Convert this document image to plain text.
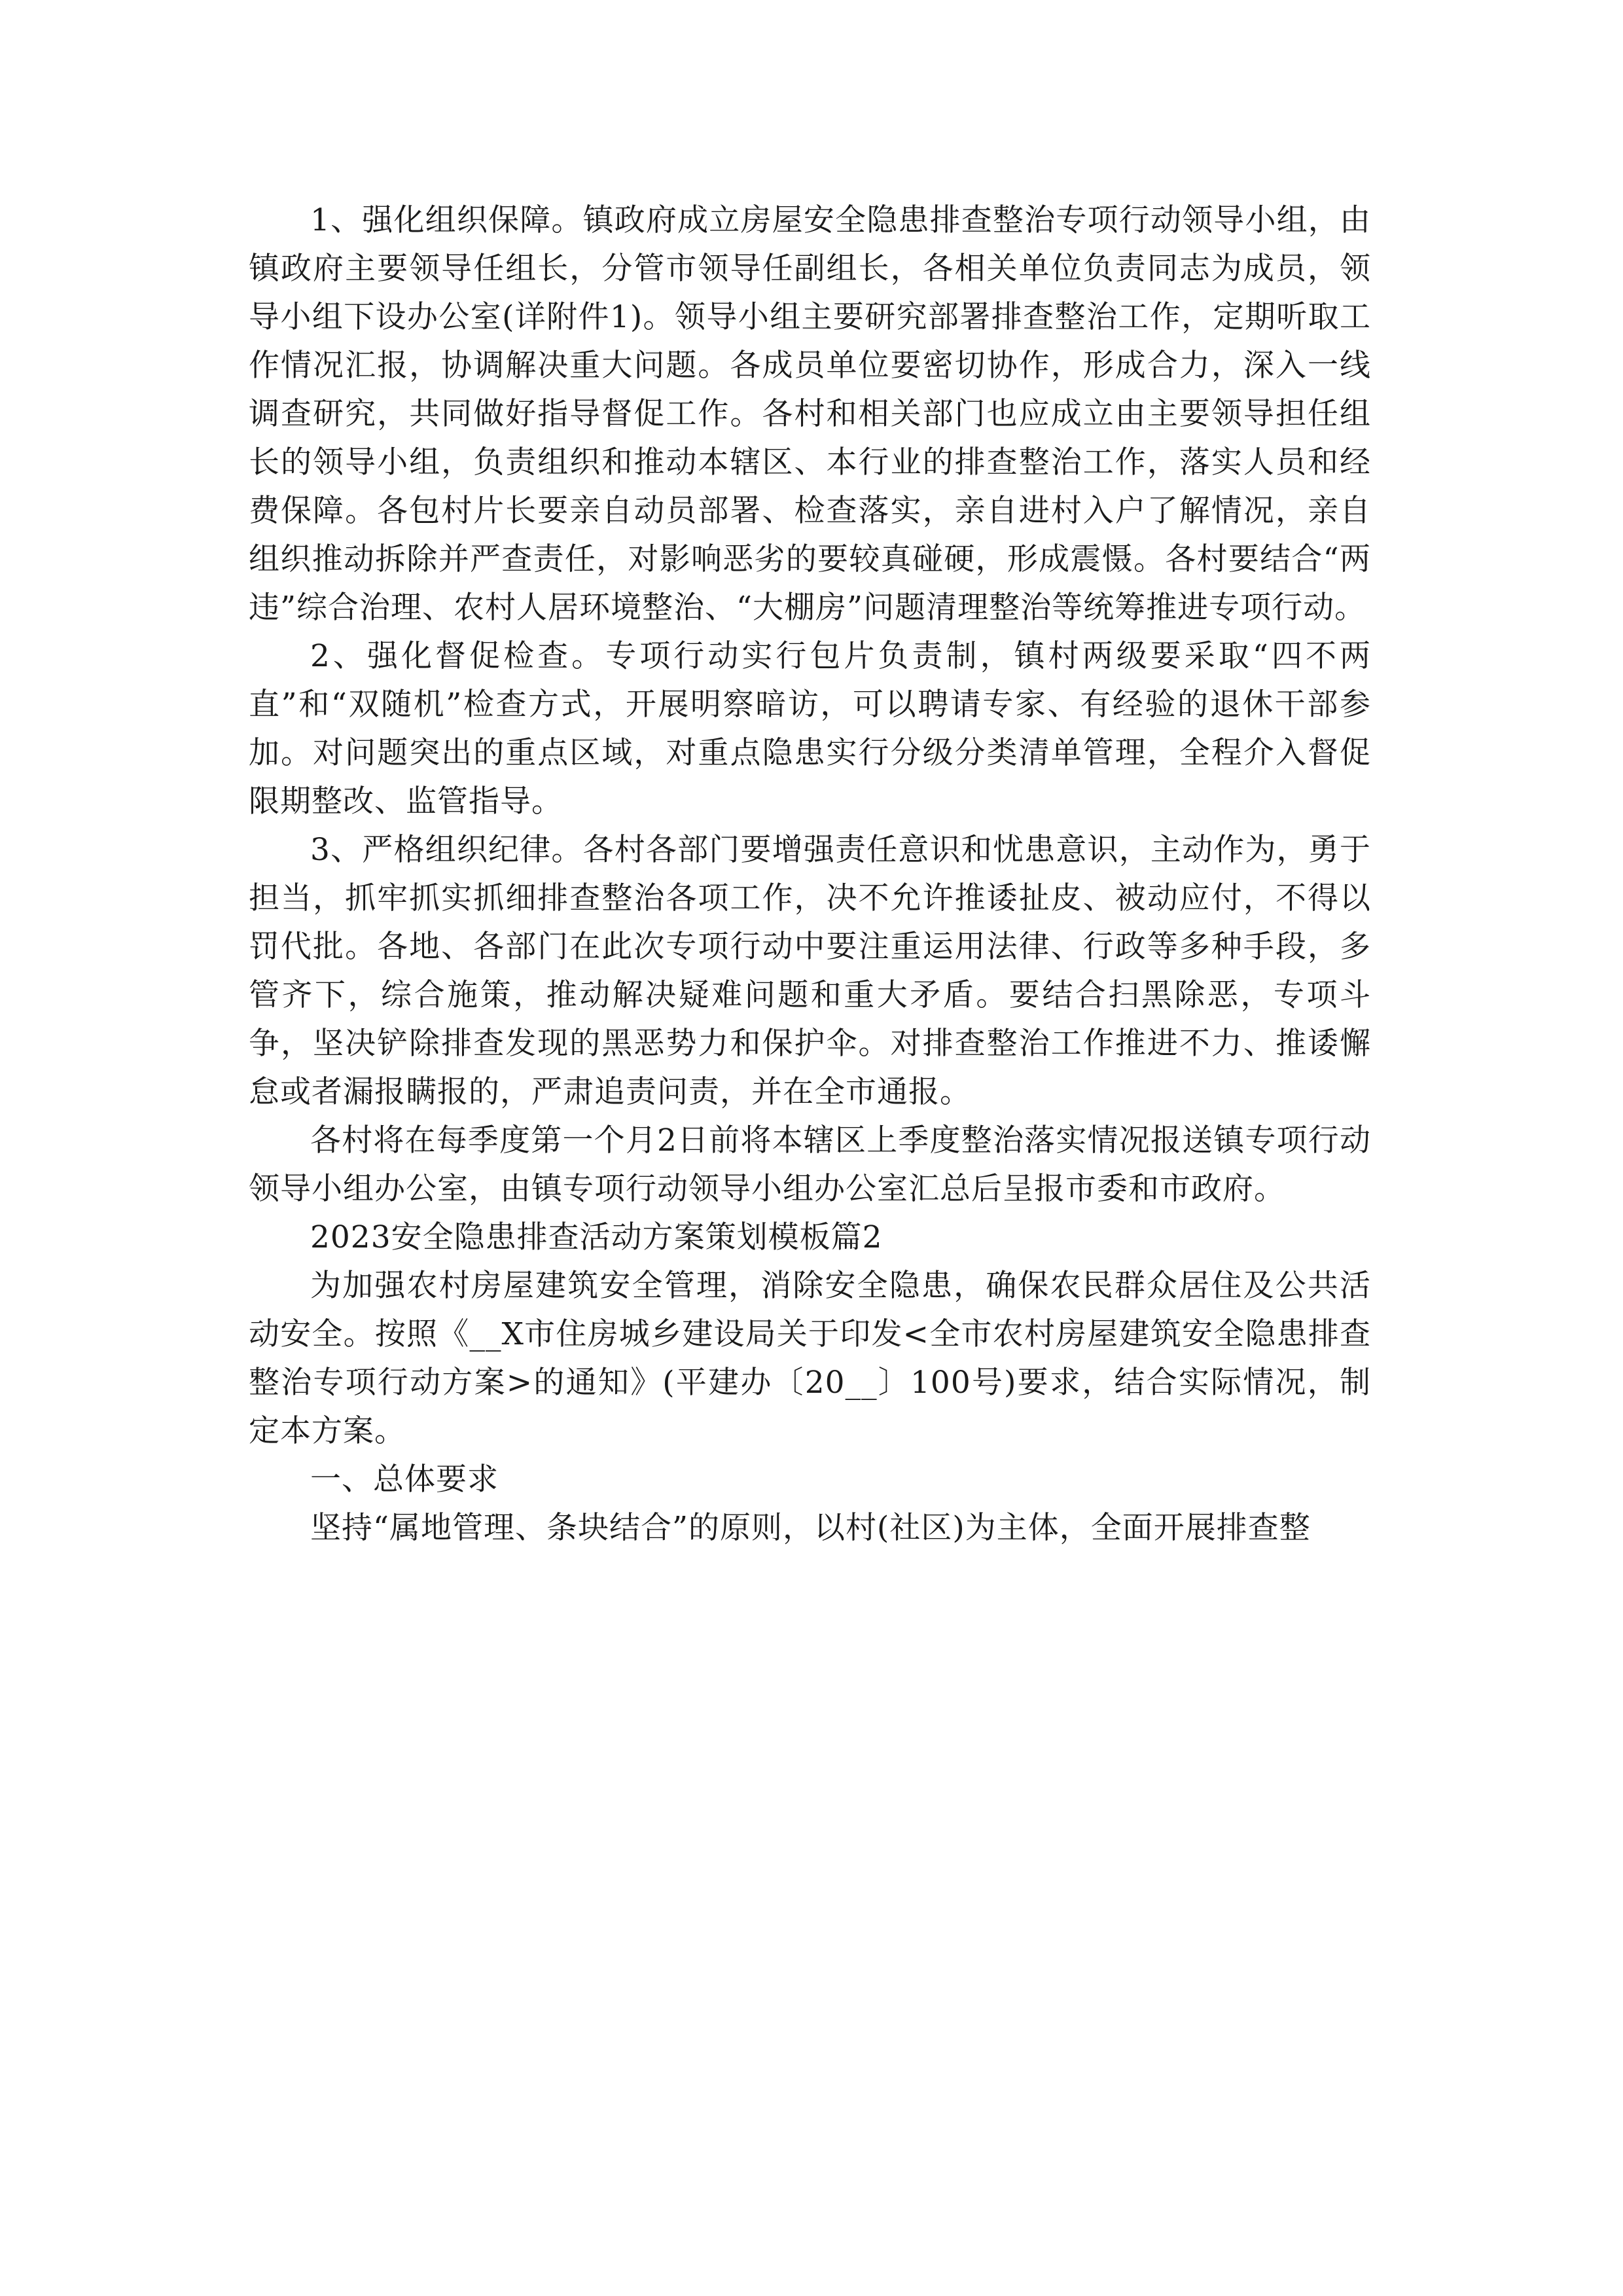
1、强化组织保障。镇政府成立房屋安全隐患排查整治专项行动领导小组，由镇政府主要领导任组长，分管市领导任副组长，各相关单位负责同志为成员，领导小组下设办公室(详附件1)。领导小组主要研究部署排查整治工作，定期听取工作情况汇报，协调解决重大问题。各成员单位要密切协作，形成合力，深入一线调查研究，共同做好指导督促工作。各村和相关部门也应成立由主要领导担任组长的领导小组，负责组织和推动本辖区、本行业的排查整治工作，落实人员和经费保障。各包村片长要亲自动员部署、检查落实，亲自进村入户了解情况，亲自组织推动拆除并严查责任，对影响恶劣的要较真碰硬，形成震慑。各村要结合“两违”综合治理、农村人居环境整治、“大棚房”问题清理整治等统筹推进专项行动。

2、强化督促检查。专项行动实行包片负责制，镇村两级要采取“四不两直”和“双随机”检查方式，开展明察暗访，可以聘请专家、有经验的退休干部参加。对问题突出的重点区域，对重点隐患实行分级分类清单管理，全程介入督促限期整改、监管指导。

3、严格组织纪律。各村各部门要增强责任意识和忧患意识，主动作为，勇于担当，抓牢抓实抓细排查整治各项工作，决不允许推诿扯皮、被动应付，不得以罚代批。各地、各部门在此次专项行动中要注重运用法律、行政等多种手段，多管齐下，综合施策，推动解决疑难问题和重大矛盾。要结合扫黑除恶，专项斗争，坚决铲除排查发现的黑恶势力和保护伞。对排查整治工作推进不力、推诿懈怠或者漏报瞒报的，严肃追责问责，并在全市通报。

各村将在每季度第一个月2日前将本辖区上季度整治落实情况报送镇专项行动领导小组办公室，由镇专项行动领导小组办公室汇总后呈报市委和市政府。

2023安全隐患排查活动方案策划模板篇2

为加强农村房屋建筑安全管理，消除安全隐患，确保农民群众居住及公共活动安全。按照《__X市住房城乡建设局关于印发<全市农村房屋建筑安全隐患排查整治专项行动方案>的通知》(平建办〔20__〕100号)要求，结合实际情况，制定本方案。

一、总体要求

坚持“属地管理、条块结合”的原则，以村(社区)为主体，全面开展排查整
